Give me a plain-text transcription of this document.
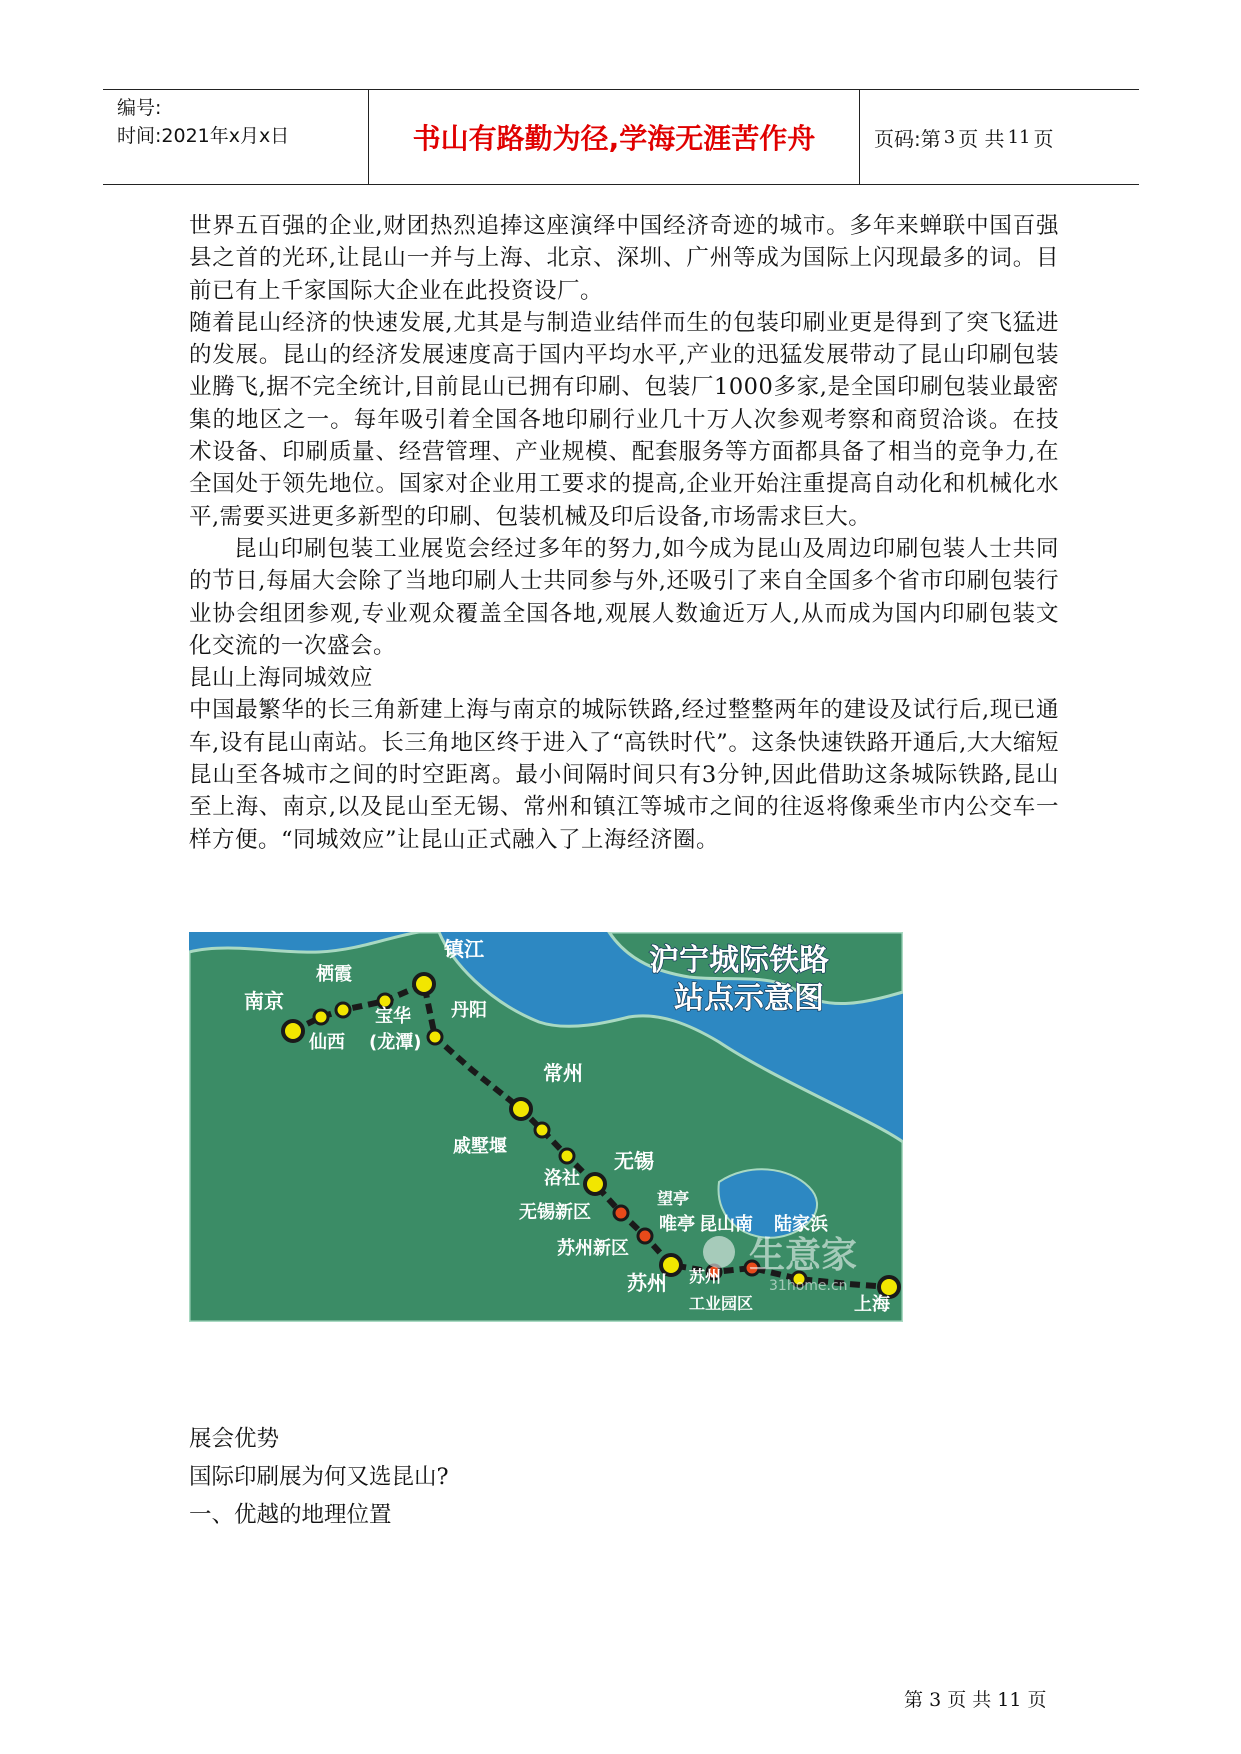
编号:
时间:2021年x月x日	书山有路勤为径,学海无涯苦作舟	页码:第 3 页 共 11 页

世界五百强的企业,财团热烈追捧这座演绎中国经济奇迹的城市。多年来蝉联中国百强县之首的光环,让昆山一并与上海、北京、深圳、广州等成为国际上闪现最多的词。目前已有上千家国际大企业在此投资设厂。

随着昆山经济的快速发展,尤其是与制造业结伴而生的包装印刷业更是得到了突飞猛进的发展。昆山的经济发展速度高于国内平均水平,产业的迅猛发展带动了昆山印刷包装业腾飞,据不完全统计,目前昆山已拥有印刷、包装厂1000多家,是全国印刷包装业最密集的地区之一。每年吸引着全国各地印刷行业几十万人次参观考察和商贸洽谈。在技术设备、印刷质量、经营管理、产业规模、配套服务等方面都具备了相当的竞争力,在全国处于领先地位。国家对企业用工要求的提高,企业开始注重提高自动化和机械化水平,需要买进更多新型的印刷、包装机械及印后设备,市场需求巨大。

昆山印刷包装工业展览会经过多年的努力,如今成为昆山及周边印刷包装人士共同的节日,每届大会除了当地印刷人士共同参与外,还吸引了来自全国多个省市印刷包装行业协会组团参观,专业观众覆盖全国各地,观展人数逾近万人,从而成为国内印刷包装文化交流的一次盛会。

昆山上海同城效应

中国最繁华的长三角新建上海与南京的城际铁路,经过整整两年的建设及试行后,现已通车,设有昆山南站。长三角地区终于进入了“高铁时代”。这条快速铁路开通后,大大缩短昆山至各城市之间的时空距离。最小间隔时间只有3分钟,因此借助这条城际铁路,昆山至上海、南京,以及昆山至无锡、常州和镇江等城市之间的往返将像乘坐市内公交车一样方便。“同城效应”让昆山正式融入了上海经济圈。

沪宁城际铁路
站点示意图
南京
仙西
栖霞
宝华
(龙潭)
镇江
丹阳
常州
戚墅堰
无锡
洛社
无锡新区
望亭
苏州新区
苏州
唯亭 昆山南 陆家浜
苏州
工业园区	上海
生意家
31home.cn

展会优势

国际印刷展为何又选昆山?

一、优越的地理位置

第 3 页 共 11 页
